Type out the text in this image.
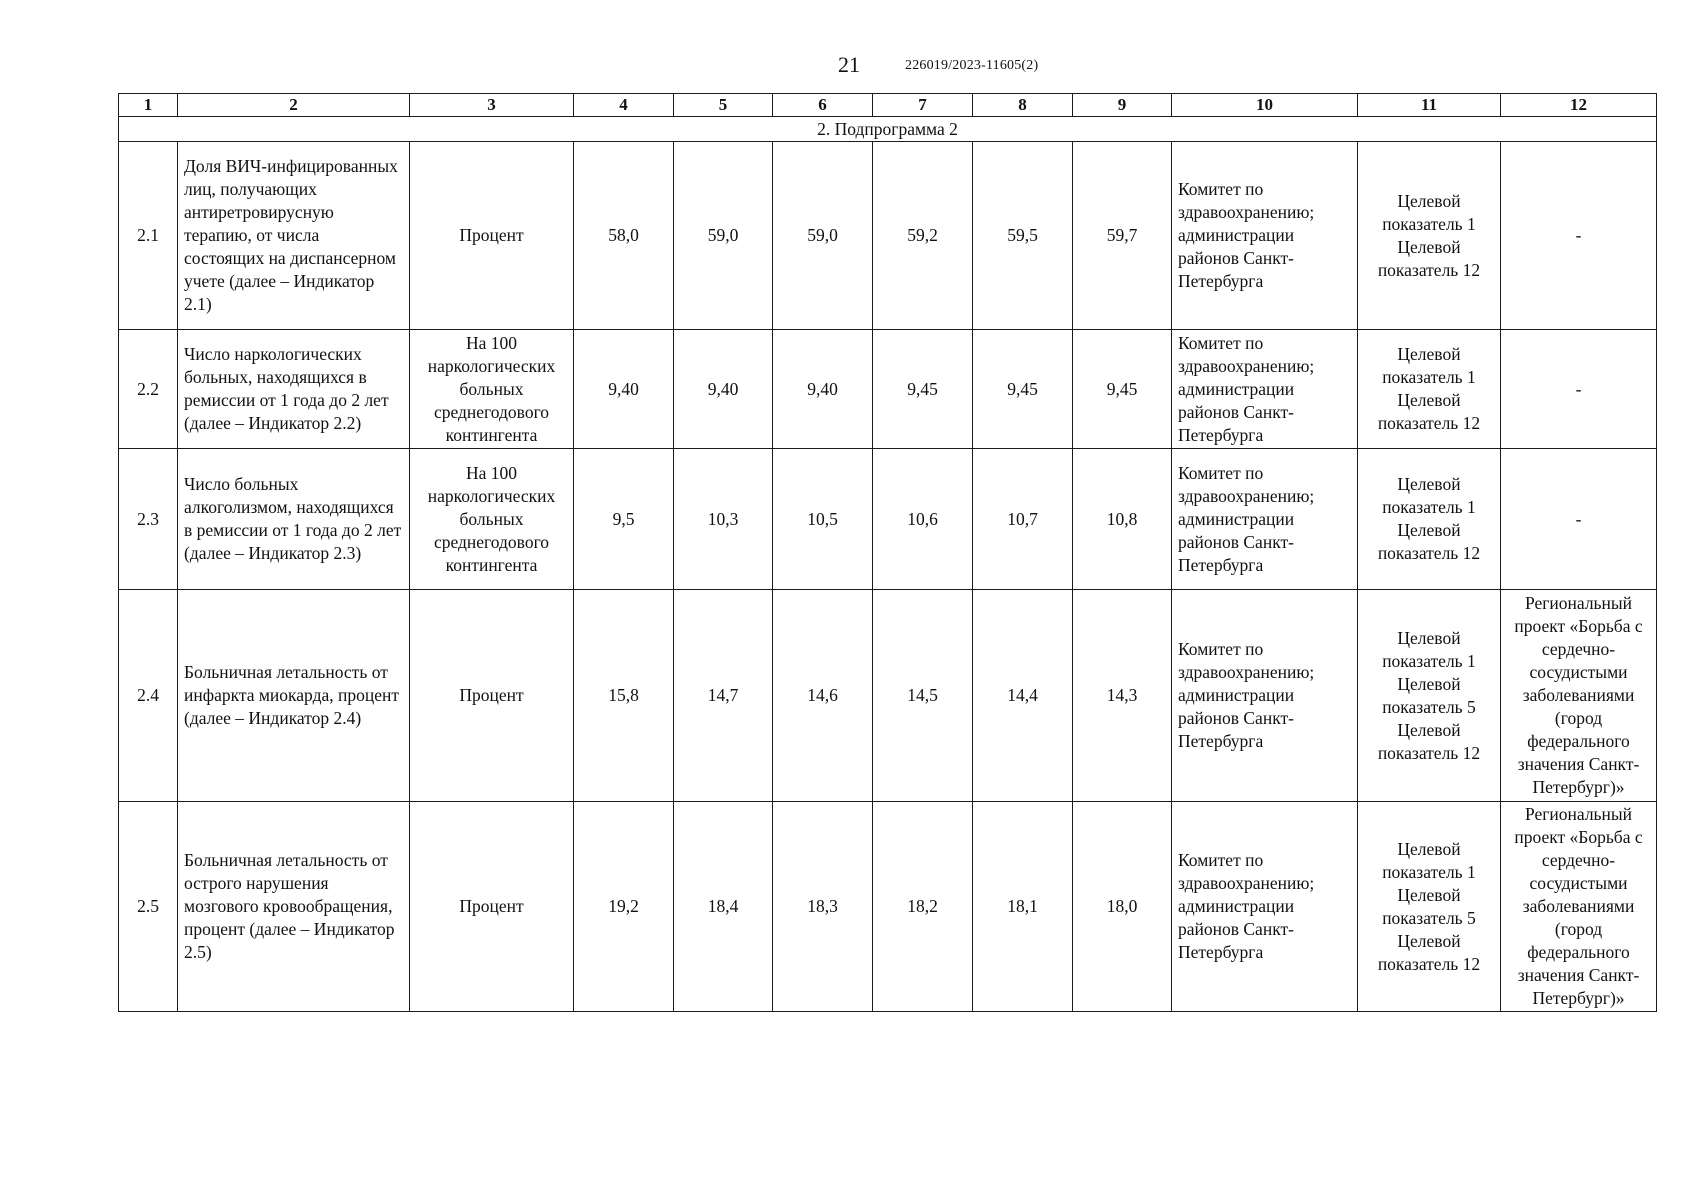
21	226019/2023-11605(2)
1	2	3	4	5	6	7	8	9	10	11	12
2. Подпрограмма 2											
2.1	Доля ВИЧ-инфицированных лиц, получающих антиретровирусную терапию, от числа состоящих на диспансерном учете (далее – Индикатор 2.1)	Процент	58,0	59,0	59,0	59,2	59,5	59,7	Комитет по здравоохранению; администрации районов Санкт-Петербурга	Целевой показатель 1 Целевой показатель 12	-
2.2	Число наркологических больных, находящихся в ремиссии от 1 года до 2 лет (далее – Индикатор 2.2)	На 100 наркологических больных среднегодового контингента	9,40	9,40	9,40	9,45	9,45	9,45	Комитет по здравоохранению; администрации районов Санкт-Петербурга	Целевой показатель 1 Целевой показатель 12	-
2.3	Число больных алкоголизмом, находящихся в ремиссии от 1 года до 2 лет (далее – Индикатор 2.3)	На 100 наркологических больных среднегодового контингента	9,5	10,3	10,5	10,6	10,7	10,8	Комитет по здравоохранению; администрации районов Санкт-Петербурга	Целевой показатель 1 Целевой показатель 12	-
2.4	Больничная летальность от инфаркта миокарда, процент (далее – Индикатор 2.4)	Процент	15,8	14,7	14,6	14,5	14,4	14,3	Комитет по здравоохранению; администрации районов Санкт-Петербурга	Целевой показатель 1 Целевой показатель 5 Целевой показатель 12	Региональный проект «Борьба с сердечно-сосудистыми заболеваниями (город федерального значения Санкт-Петербург)»
2.5	Больничная летальность от острого нарушения мозгового кровообращения, процент (далее – Индикатор 2.5)	Процент	19,2	18,4	18,3	18,2	18,1	18,0	Комитет по здравоохранению; администрации районов Санкт-Петербурга	Целевой показатель 1 Целевой показатель 5 Целевой показатель 12	Региональный проект «Борьба с сердечно-сосудистыми заболеваниями (город федерального значения Санкт-Петербург)»
